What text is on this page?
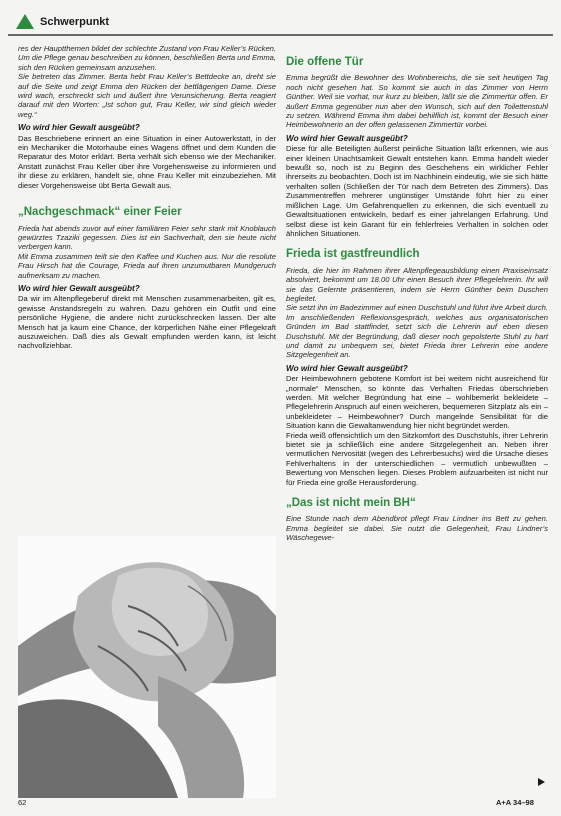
Schwerpunkt

res der Hauptthemen bildet der schlechte Zustand von Frau Keller’s Rücken. Um die Pflege genau beschreiben zu können, beschließen Berta und Emma, sich den Rücken gemeinsam anzusehen.

Sie betreten das Zimmer. Berta hebt Frau Keller’s Bettdecke an, dreht sie auf die Seite und zeigt Emma den Rücken der bettlägerigen Dame. Diese wird wach, erschreckt sich und äußert ihre Verunsicherung. Berta reagiert darauf mit den Worten: „Ist schon gut, Frau Keller, wir sind gleich wieder weg.“

Wo wird hier Gewalt ausgeübt?

Das Beschriebene erinnert an eine Situation in einer Autowerkstatt, in der ein Mechaniker die Motorhaube eines Wagens öffnet und dem Kunden die Reparatur des Motor erklärt. Berta verhält sich ebenso wie der Mechaniker. Anstatt zunächst Frau Keller über ihre Vorgehensweise zu informieren und ihr diese zu erklären, handelt sie, ohne Frau Keller mit einzubeziehen. Mit dieser Vorgehensweise übt Berta Gewalt aus.

„Nachgeschmack“ einer Feier

Frieda hat abends zuvor auf einer familiären Feier sehr stark mit Knoblauch gewürztes Tzaziki gegessen. Dies ist ein Sachverhalt, den sie heute nicht verbergen kann.

Mit Emma zusammen teilt sie den Kaffee und Kuchen aus. Nur die resolute Frau Hirsch hat die Courage, Frieda auf ihren unzumutbaren Mundgeruch aufmerksam zu machen.

Wo wird hier Gewalt ausgeübt?

Da wir im Altenpflegeberuf direkt mit Menschen zusammenarbeiten, gilt es, gewisse Anstandsregeln zu wahren. Dazu gehören ein Outfit und eine persönliche Hygiene, die andere nicht zurückschrecken lassen. Der alte Mensch hat ja kaum eine Chance, der körperlichen Nähe einer Pflegekraft auszuweichen. Daß dies als Gewalt empfunden werden kann, ist leicht nachvollziehbar.

Die offene Tür

Emma begrüßt die Bewohner des Wohnbereichs, die sie seit heutigen Tag noch nicht gesehen hat. So kommt sie auch in das Zimmer von Herrn Günther. Weil sie vorhat, nur kurz zu bleiben, läßt sie die Zimmertür offen. Er äußert Emma gegenüber nun aber den Wunsch, sich auf den Toilettenstuhl zu setzen. Während Emma ihm dabei behilflich ist, kommt der Besuch einer Heimbewohnerin an der offen gelassenen Zimmertür vorbei.

Wo wird hier Gewalt ausgeübt?

Diese für alle Beteiligten äußerst peinliche Situation läßt erkennen, wie aus einer kleinen Unachtsamkeit Gewalt entstehen kann. Emma handelt wieder bewußt so, noch ist zu Beginn des Geschehens ein wirklicher Fehler ihrerseits zu beobachten. Doch ist im Nachhinein eindeutig, wie sie sich hätte verhalten sollen (Schließen der Tür nach dem Betreten des Zimmers). Das Zusammentreffen mehrerer ungünstiger Umstände führt hier zu einer mißlichen Lage. Um Gefahrenquellen zu erkennen, die sich eventuell zu Gewaltsituationen entwickeln, bedarf es einer jahrelangen Erfahrung. Und selbst diese ist kein Garant für ein fehlerfreies Verhalten in solchen oder ähnlichen Situationen.

Frieda ist gastfreundlich

Frieda, die hier im Rahmen ihrer Altenpflegeausbildung einen Praxiseinsatz absolviert, bekommt um 18.00 Uhr einen Besuch ihrer Pflegelehrerin. Ihr will sie das Gelernte präsentieren, indem sie Herrn Günther beim Duschen begleitet.

Sie setzt ihn im Badezimmer auf einen Duschstuhl und führt ihre Arbeit durch. Im anschließenden Reflexionsgespräch, welches aus organisatorischen Gründen im Bad stattfindet, setzt sich die Lehrerin auf eben diesen Duschstuhl. Mit der Begründung, daß dieser noch gepolsterte Stuhl zu hart und damit zu unbequem sei, bietet Frieda ihrer Lehrerin eine andere Sitzgelegenheit an.

Wo wird hier Gewalt ausgeübt?

Der Heimbewohnern gebotene Komfort ist bei weitem nicht ausreichend für „normale“ Menschen, so könnte das Verhalten Friedas überschrieben werden. Mit welcher Begründung hat eine – wohlbemerkt bekleidete – Pflegelehrerin Anspruch auf einen weicheren, bequemeren Sitzplatz als ein – unbekleideter – Heimbewohner? Durch mangelnde Sensibilität für die Situation kann die Gewaltanwendung hier nicht begründet werden.

Frieda weiß offensichtlich um den Sitzkomfort des Duschstuhls, ihrer Lehrerin bietet sie ja schließlich eine andere Sitzgelegenheit an. Neben ihrer vermutlichen Nervosität (wegen des Lehrerbesuchs) wird die Ursache dieses Fehlverhaltens in der unterschiedlichen – vermutlich unbewußten – Bewertung von Menschen liegen. Dieses Problem aufzuarbeiten ist nicht nur für Frieda eine große Herausforderung.

„Das ist nicht mein BH“

Eine Stunde nach dem Abendbrot pflegt Frau Lindner ins Bett zu gehen. Emma begleitet sie dabei. Sie nutzt die Gelegenheit, Frau Lindner’s Wäschegewe-

62	A+A 34–98
